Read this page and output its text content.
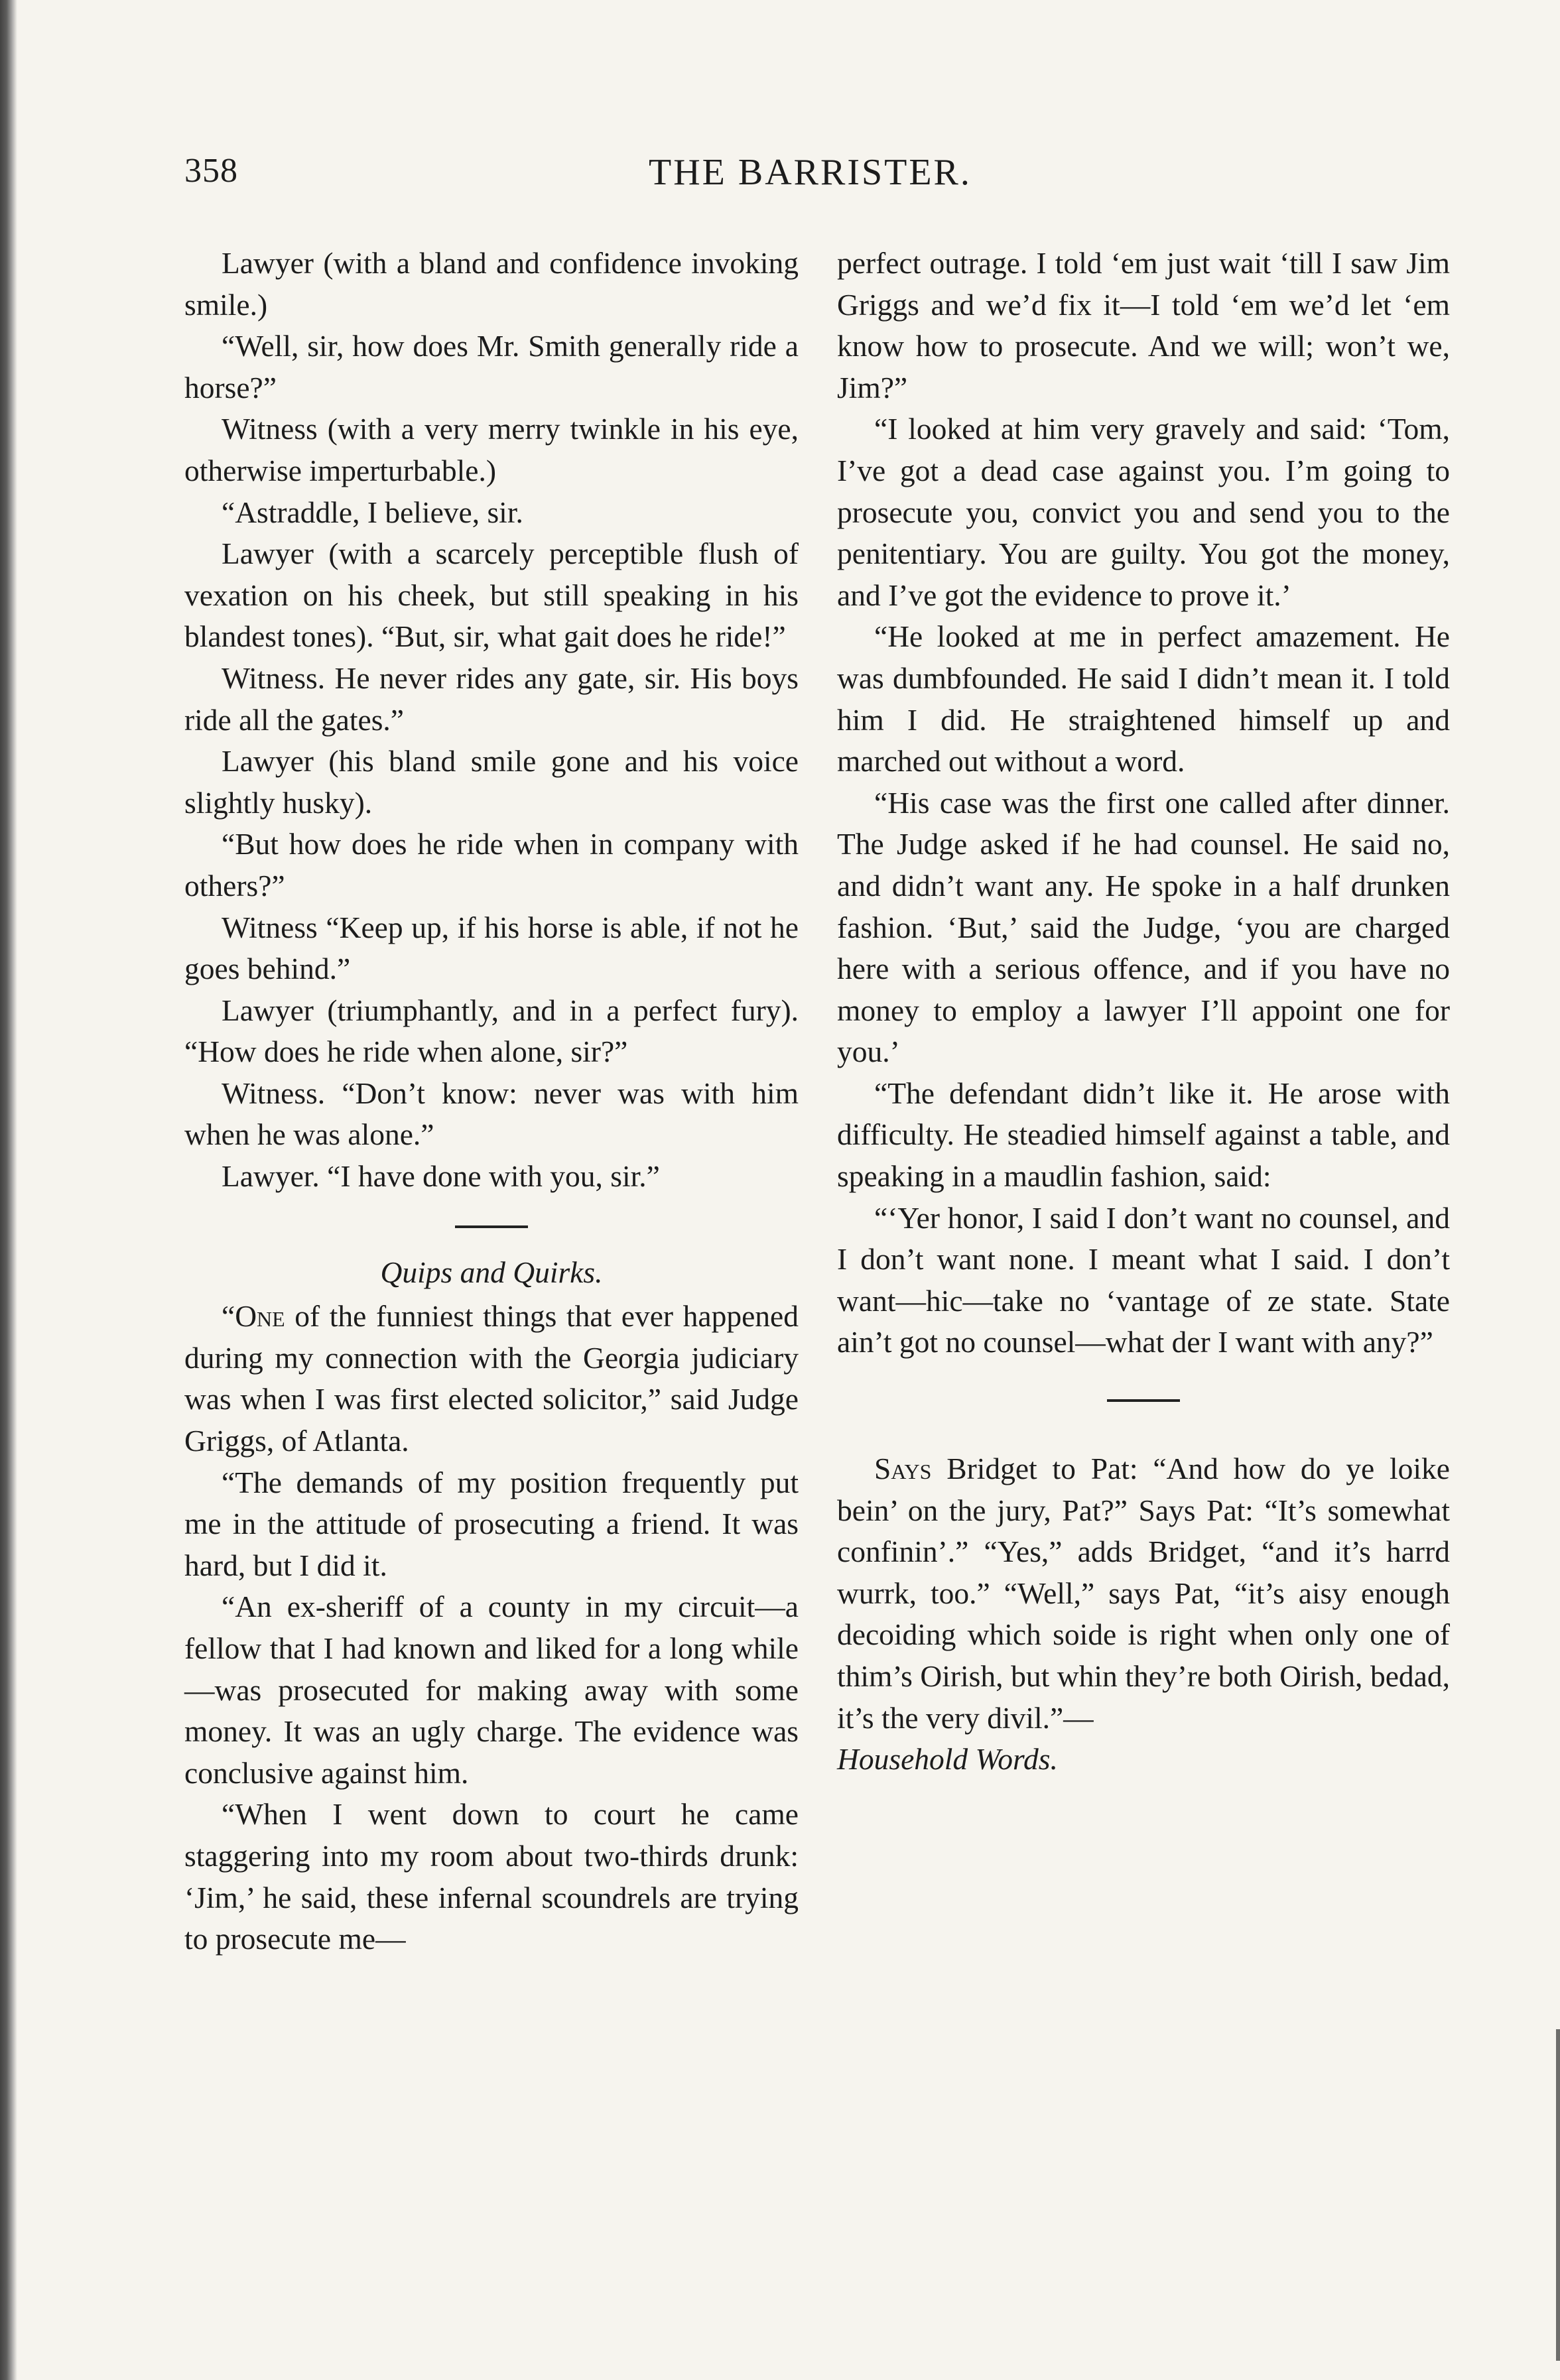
358	THE BARRISTER.

Lawyer (with a bland and confidence invoking smile.)

“Well, sir, how does Mr. Smith generally ride a horse?”

Witness (with a very merry twinkle in his eye, otherwise imperturbable.)

“Astraddle, I believe, sir.

Lawyer (with a scarcely perceptible flush of vexation on his cheek, but still speaking in his blandest tones). “But, sir, what gait does he ride!”

Witness. He never rides any gate, sir. His boys ride all the gates.”

Lawyer (his bland smile gone and his voice slightly husky).

“But how does he ride when in company with others?”

Witness “Keep up, if his horse is able, if not he goes behind.”

Lawyer (triumphantly, and in a perfect fury). “How does he ride when alone, sir?”

Witness. “Don’t know: never was with him when he was alone.”

Lawyer. “I have done with you, sir.”

Quips and Quirks.

“One of the funniest things that ever happened during my connection with the Georgia judiciary was when I was first elected solicitor,” said Judge Griggs, of Atlanta.

“The demands of my position frequently put me in the attitude of prosecuting a friend. It was hard, but I did it.

“An ex-sheriff of a county in my circuit—a fellow that I had known and liked for a long while—was prosecuted for making away with some money. It was an ugly charge. The evidence was conclusive against him.

“When I went down to court he came staggering into my room about two-thirds drunk: ‘Jim,’ he said, these infernal scoundrels are trying to prosecute me—

perfect outrage. I told ‘em just wait ‘till I saw Jim Griggs and we’d fix it—I told ‘em we’d let ‘em know how to prosecute. And we will; won’t we, Jim?”

“I looked at him very gravely and said: ‘Tom, I’ve got a dead case against you. I’m going to prosecute you, convict you and send you to the penitentiary. You are guilty. You got the money, and I’ve got the evidence to prove it.’

“He looked at me in perfect amazement. He was dumbfounded. He said I didn’t mean it. I told him I did. He straightened himself up and marched out without a word.

“His case was the first one called after dinner. The Judge asked if he had counsel. He said no, and didn’t want any. He spoke in a half drunken fashion. ‘But,’ said the Judge, ‘you are charged here with a serious offence, and if you have no money to employ a lawyer I’ll appoint one for you.’

“The defendant didn’t like it. He arose with difficulty. He steadied himself against a table, and speaking in a maudlin fashion, said:

“‘Yer honor, I said I don’t want no counsel, and I don’t want none. I meant what I said. I don’t want—hic—take no ‘vantage of ze state. State ain’t got no counsel—what der I want with any?”

Says Bridget to Pat: “And how do ye loike bein’ on the jury, Pat?” Says Pat: “It’s somewhat confinin’.” “Yes,” adds Bridget, “and it’s harrd wurrk, too.” “Well,” says Pat, “it’s aisy enough decoiding which soide is right when only one of thim’s Oirish, but whin they’re both Oirish, bedad, it’s the very divil.”—
Household Words.
